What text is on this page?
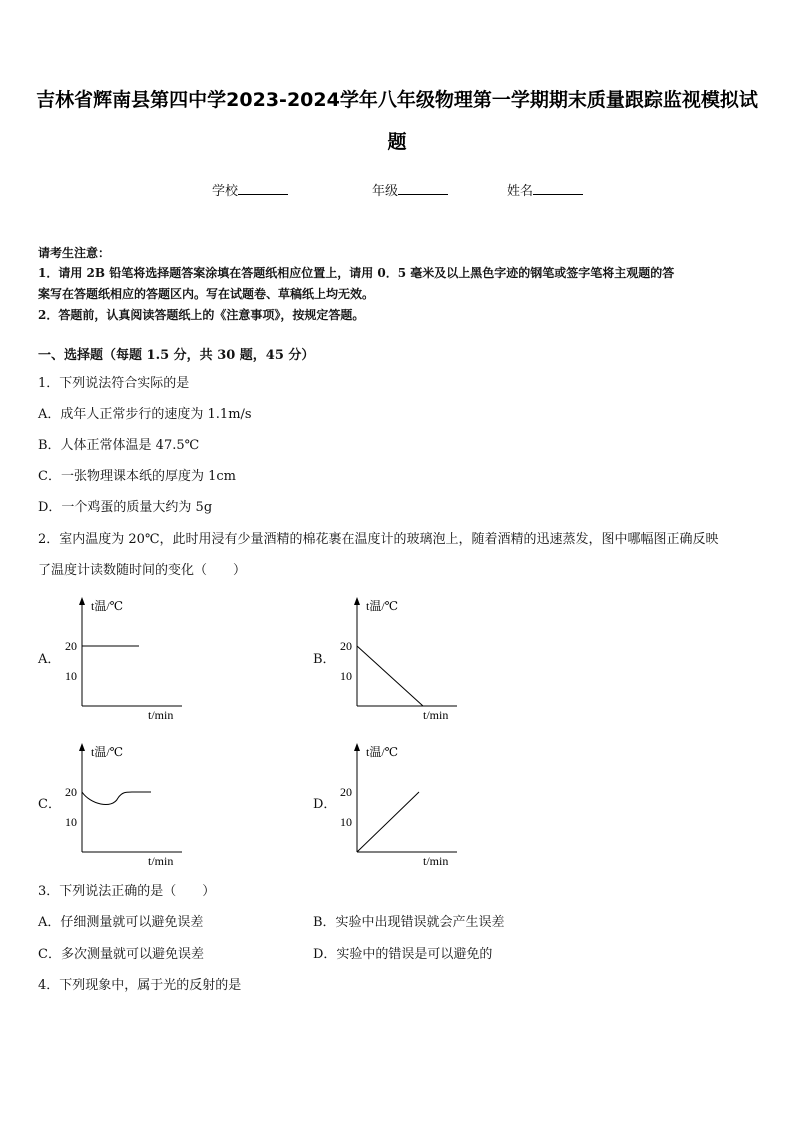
吉林省辉南县第四中学2023-2024学年八年级物理第一学期期末质量跟踪监视模拟试
题
学校	年级	姓名
请考生注意：
1．请用 2B 铅笔将选择题答案涂填在答题纸相应位置上，请用 0．5 毫米及以上黑色字迹的钢笔或签字笔将主观题的答
案写在答题纸相应的答题区内。写在试题卷、草稿纸上均无效。
2．答题前，认真阅读答题纸上的《注意事项》，按规定答题。
一、选择题（每题 1.5 分，共 30 题，45 分）
1．下列说法符合实际的是
A．成年人正常步行的速度为 1.1m/s
B．人体正常体温是 47.5℃
C．一张物理课本纸的厚度为 1cm
D．一个鸡蛋的质量大约为 5g
2．室内温度为 20℃，此时用浸有少量酒精的棉花裹在温度计的玻璃泡上，随着酒精的迅速蒸发，图中哪幅图正确反映
了温度计读数随时间的变化（　　）
A．
t温/℃
20
10
t/min
B．
t温/℃
20
10
t/min
C．
t温/℃
20
10
t/min
D．
t温/℃
20
10
t/min
3．下列说法正确的是（　　）
A．仔细测量就可以避免误差	B．实验中出现错误就会产生误差
C．多次测量就可以避免误差	D．实验中的错误是可以避免的
4．下列现象中，属于光的反射的是
